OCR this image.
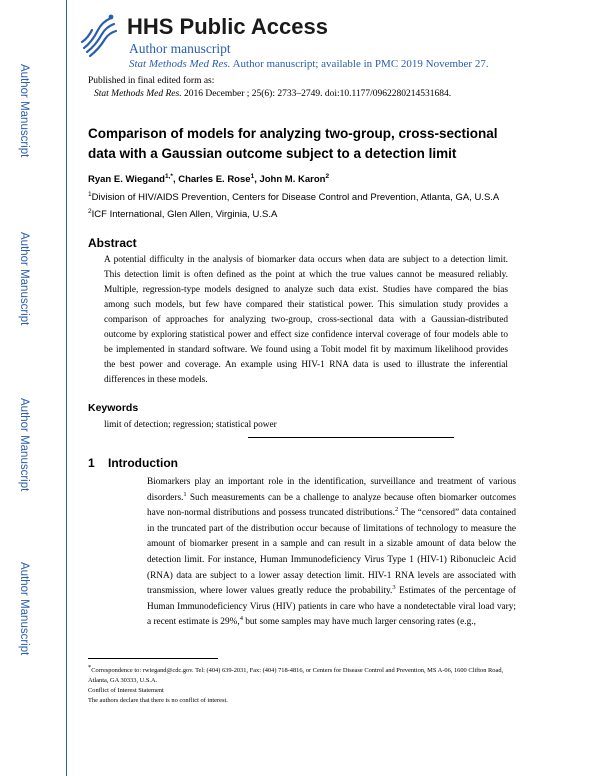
HHS Public Access
Author manuscript
Stat Methods Med Res. Author manuscript; available in PMC 2019 November 27.
Author Manuscript
Author Manuscript
Author Manuscript
Author Manuscript
Published in final edited form as:
Stat Methods Med Res. 2016 December ; 25(6): 2733–2749. doi:10.1177/0962280214531684.
Comparison of models for analyzing two-group, cross-sectional data with a Gaussian outcome subject to a detection limit
Ryan E. Wiegand$^{1,*}$, Charles E. Rose$^1$, John M. Karon$^2$
$^1$Division of HIV/AIDS Prevention, Centers for Disease Control and Prevention, Atlanta, GA, U.S.A
$^2$ICF International, Glen Allen, Virginia, U.S.A
Abstract
A potential difficulty in the analysis of biomarker data occurs when data are subject to a detection limit. This detection limit is often defined as the point at which the true values cannot be measured reliably. Multiple, regression-type models designed to analyze such data exist. Studies have compared the bias among such models, but few have compared their statistical power. This simulation study provides a comparison of approaches for analyzing two-group, cross-sectional data with a Gaussian-distributed outcome by exploring statistical power and effect size confidence interval coverage of four models able to be implemented in standard software. We found using a Tobit model fit by maximum likelihood provides the best power and coverage. An example using HIV-1 RNA data is used to illustrate the inferential differences in these models.
Keywords
limit of detection; regression; statistical power
1 Introduction
Biomarkers play an important role in the identification, surveillance and treatment of various disorders.$^1$ Such measurements can be a challenge to analyze because often biomarker outcomes have non-normal distributions and possess truncated distributions.$^2$ The “censored” data contained in the truncated part of the distribution occur because of limitations of technology to measure the amount of biomarker present in a sample and can result in a sizable amount of data below the detection limit. For instance, Human Immunodeficiency Virus Type 1 (HIV-1) Ribonucleic Acid (RNA) data are subject to a lower assay detection limit. HIV-1 RNA levels are associated with transmission, where lower values greatly reduce the probability.$^3$ Estimates of the percentage of Human Immunodeficiency Virus (HIV) patients in care who have a nondetectable viral load vary; a recent estimate is 29%,$^4$ but some samples may have much larger censoring rates (e.g.,
*Correspondence to: rwiegand@cdc.gov. Tel: (404) 639-2031, Fax: (404) 718-4816, or Centers for Disease Control and Prevention, MS A-06, 1600 Clifton Road, Atlanta, GA 30333, U.S.A.
Conflict of Interest Statement
The authors declare that there is no conflict of interest.
